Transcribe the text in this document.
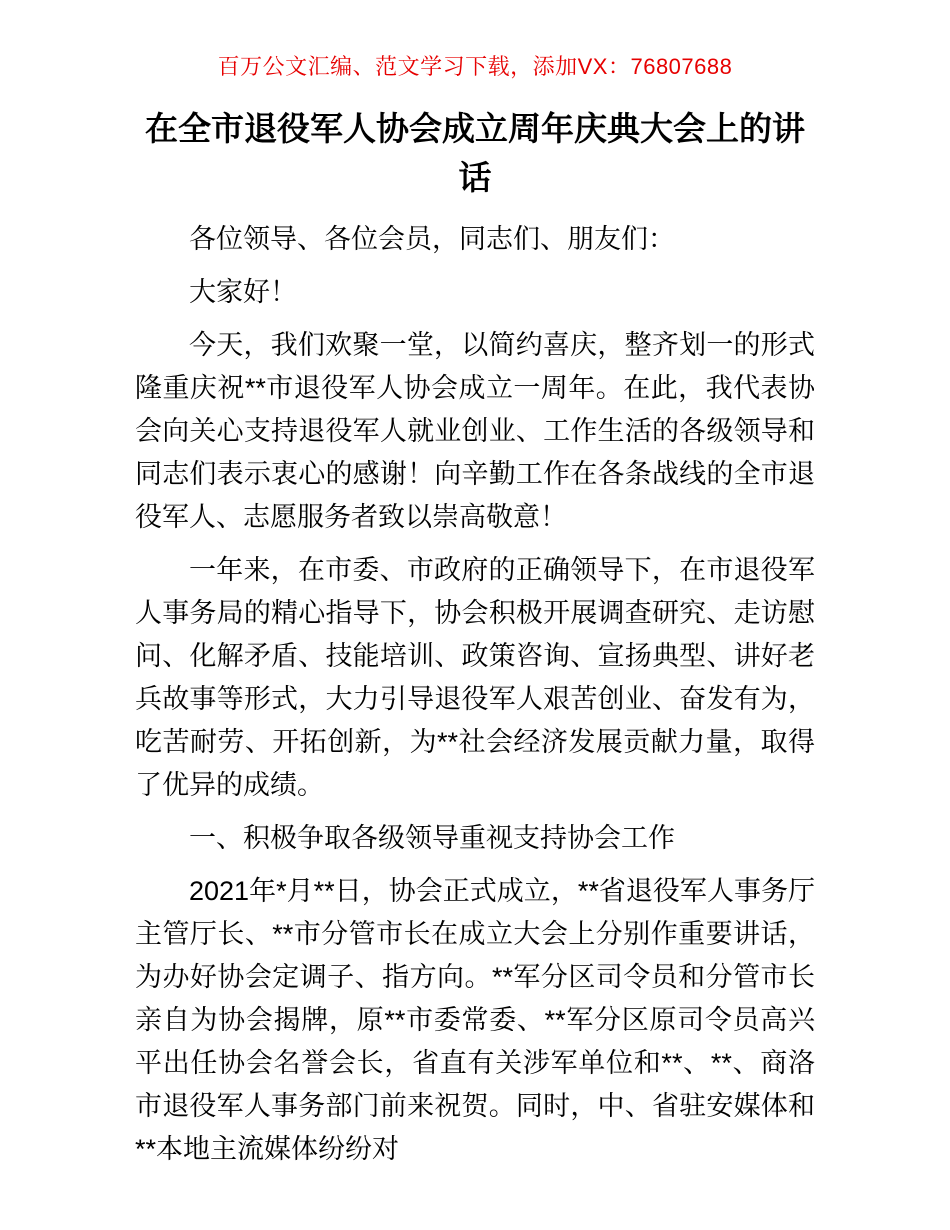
百万公文汇编、范文学习下载，添加VX：76807688
在全市退役军人协会成立周年庆典大会上的讲话

各位领导、各位会员，同志们、朋友们：

大家好！

今天，我们欢聚一堂，以简约喜庆，整齐划一的形式隆重庆祝**市退役军人协会成立一周年。在此，我代表协会向关心支持退役军人就业创业、工作生活的各级领导和同志们表示衷心的感谢！向辛勤工作在各条战线的全市退役军人、志愿服务者致以崇高敬意！

一年来，在市委、市政府的正确领导下，在市退役军人事务局的精心指导下，协会积极开展调查研究、走访慰问、化解矛盾、技能培训、政策咨询、宣扬典型、讲好老兵故事等形式，大力引导退役军人艰苦创业、奋发有为，吃苦耐劳、开拓创新，为**社会经济发展贡献力量，取得了优异的成绩。

一、积极争取各级领导重视支持协会工作

2021年*月**日，协会正式成立，**省退役军人事务厅主管厅长、**市分管市长在成立大会上分别作重要讲话，为办好协会定调子、指方向。**军分区司令员和分管市长亲自为协会揭牌，原**市委常委、**军分区原司令员高兴平出任协会名誉会长，省直有关涉军单位和**、**、商洛市退役军人事务部门前来祝贺。同时，中、省驻安媒体和**本地主流媒体纷纷对
